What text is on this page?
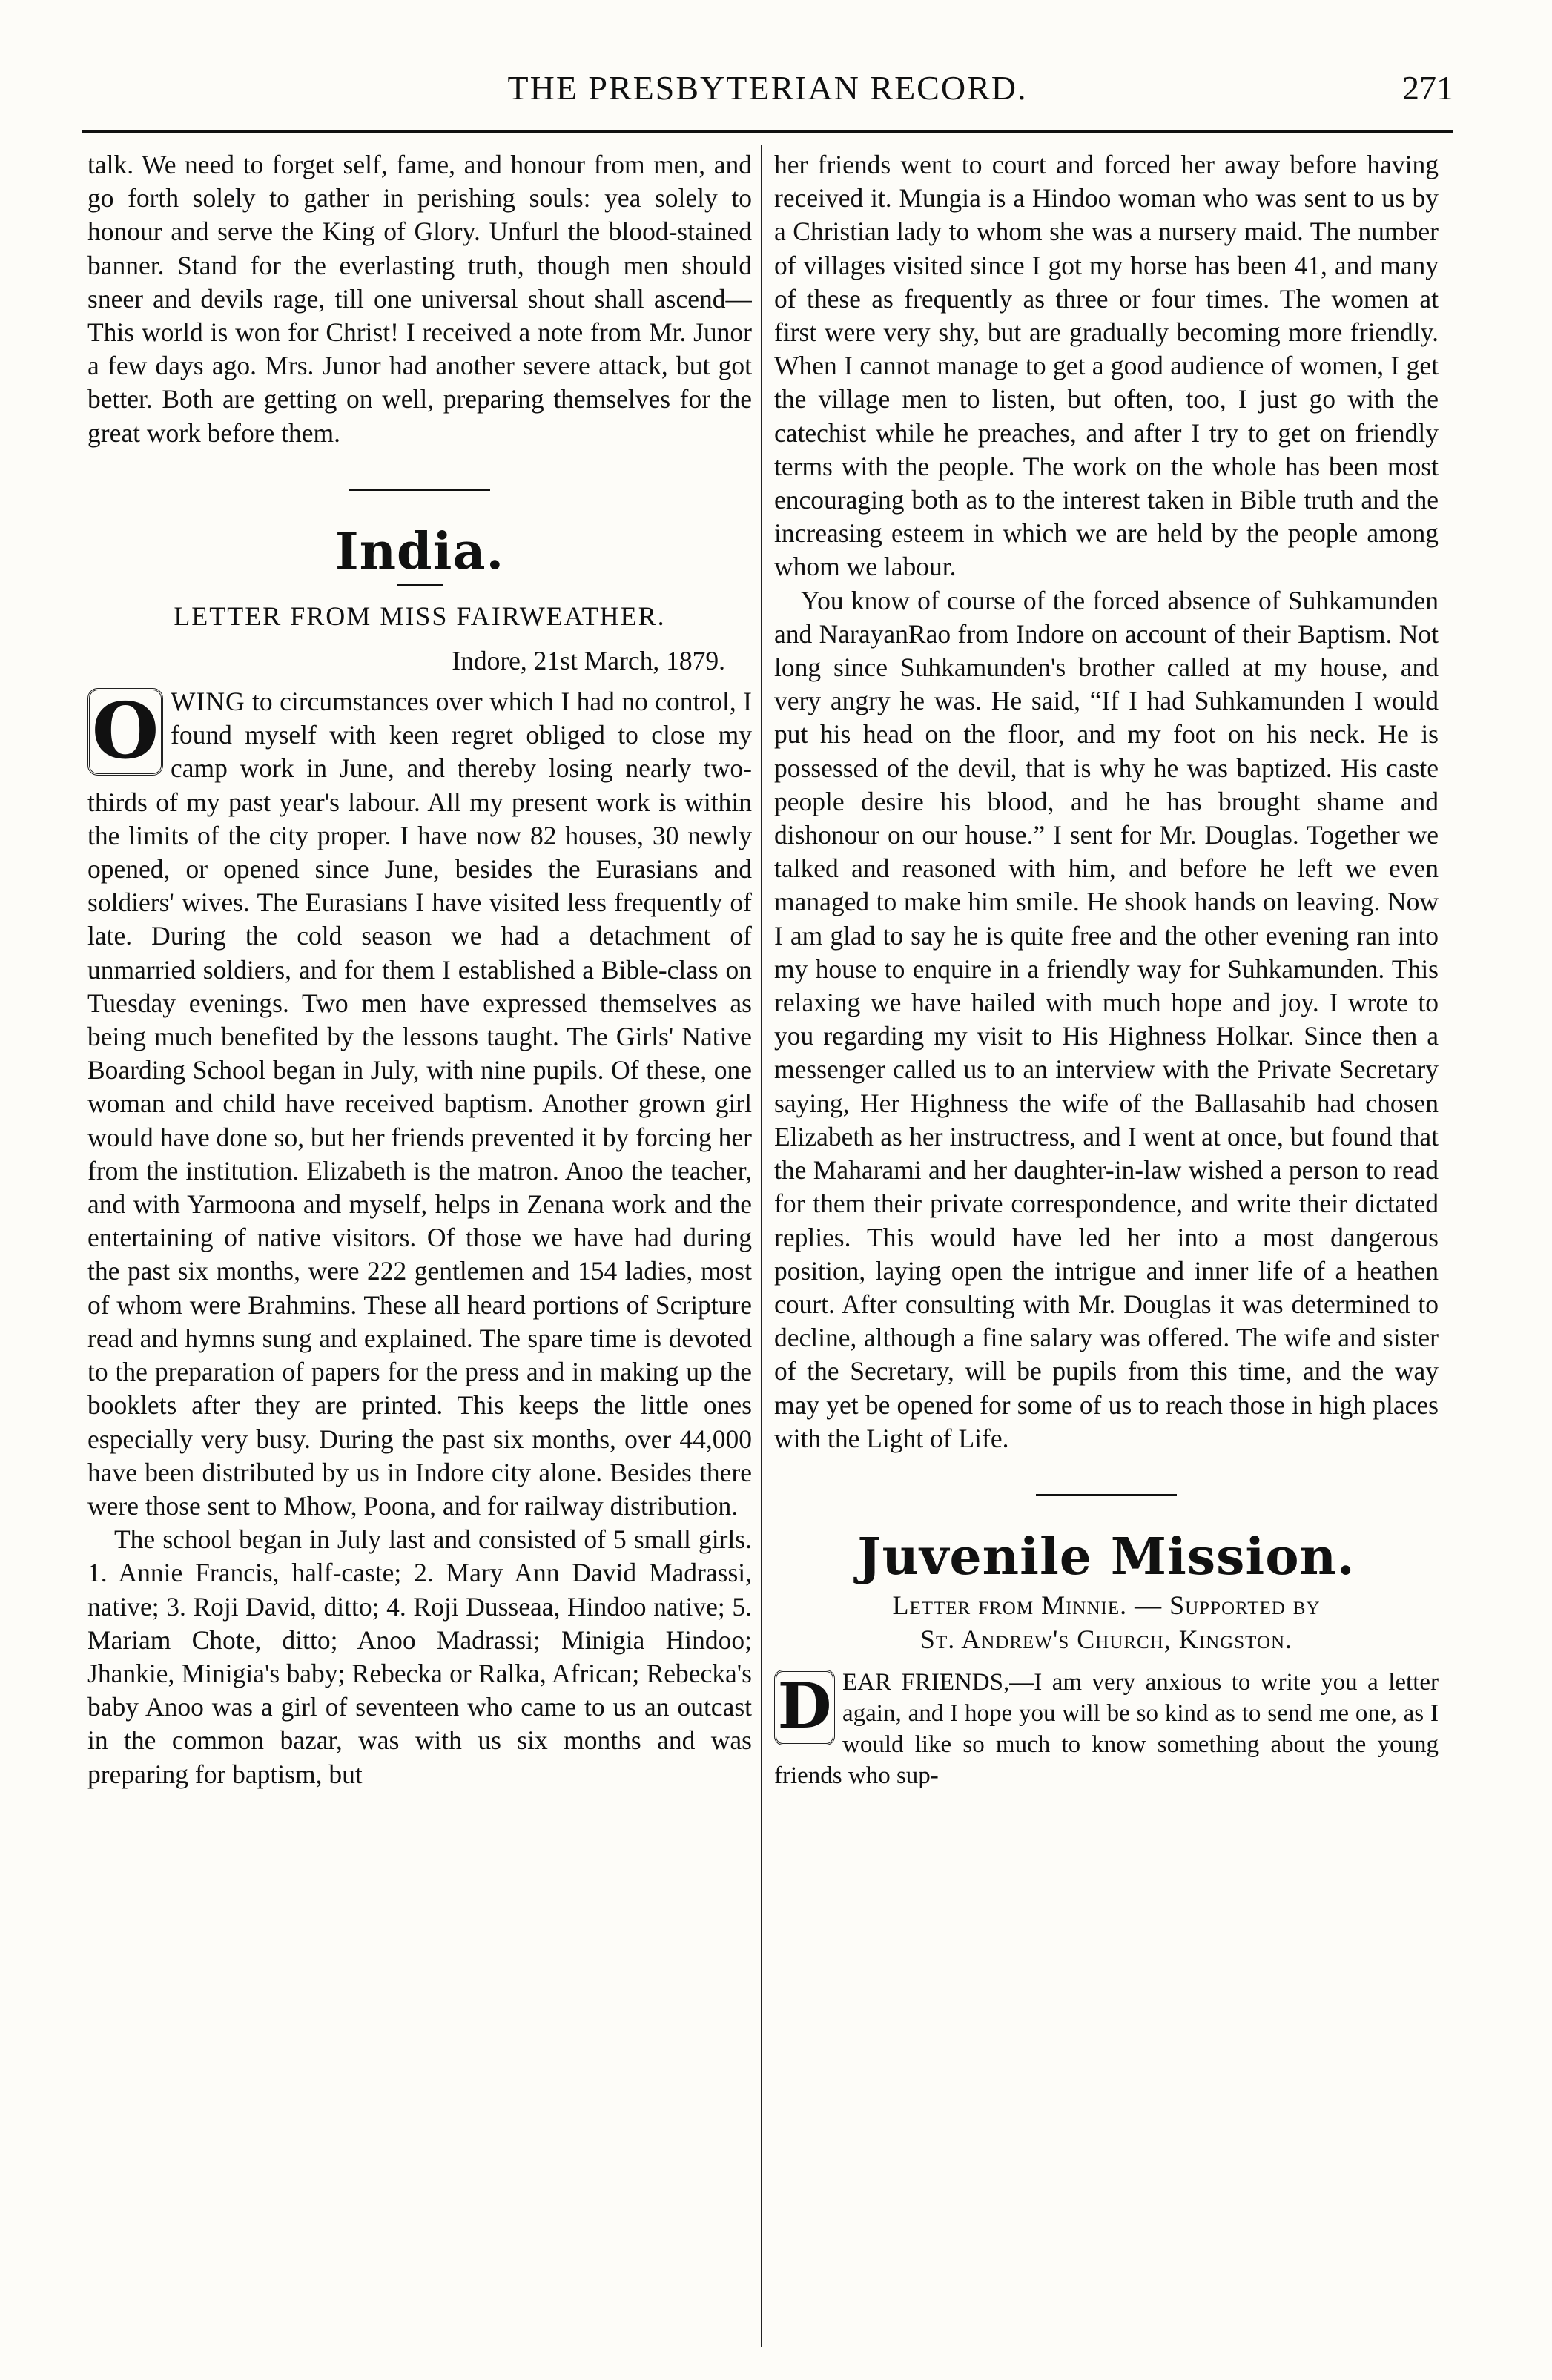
THE PRESBYTERIAN RECORD.	271

talk. We need to forget self, fame, and honour from men, and go forth solely to gather in perishing souls: yea solely to honour and serve the King of Glory. Unfurl the blood-stained banner. Stand for the everlasting truth, though men should sneer and devils rage, till one universal shout shall ascend—This world is won for Christ! I received a note from Mr. Junor a few days ago. Mrs. Junor had another severe attack, but got better. Both are getting on well, preparing themselves for the great work before them.

India.
LETTER FROM MISS FAIRWEATHER.
Indore, 21st March, 1879.

O WING to circumstances over which I had no control, I found myself with keen regret obliged to close my camp work in June, and thereby losing nearly two-thirds of my past year's labour. All my present work is within the limits of the city proper. I have now 82 houses, 30 newly opened, or opened since June, besides the Eurasians and soldiers' wives. The Eurasians I have visited less frequently of late. During the cold season we had a detachment of unmarried soldiers, and for them I established a Bible-class on Tuesday evenings. Two men have expressed themselves as being much benefited by the lessons taught. The Girls' Native Boarding School began in July, with nine pupils. Of these, one woman and child have received baptism. Another grown girl would have done so, but her friends prevented it by forcing her from the institution. Elizabeth is the matron. Anoo the teacher, and with Yarmoona and myself, helps in Zenana work and the entertaining of native visitors. Of those we have had during the past six months, were 222 gentlemen and 154 ladies, most of whom were Brahmins. These all heard portions of Scripture read and hymns sung and explained. The spare time is devoted to the preparation of papers for the press and in making up the booklets after they are printed. This keeps the little ones especially very busy. During the past six months, over 44,000 have been distributed by us in Indore city alone. Besides there were those sent to Mhow, Poona, and for railway distribution.

The school began in July last and consisted of 5 small girls. 1. Annie Francis, half-caste; 2. Mary Ann David Madrassi, native; 3. Roji David, ditto; 4. Roji Dusseaa, Hindoo native; 5. Mariam Chote, ditto; Anoo Madrassi; Minigia Hindoo; Jhankie, Minigia's baby; Rebecka or Ralka, African; Rebecka's baby Anoo was a girl of seventeen who came to us an outcast in the common bazar, was with us six months and was preparing for baptism, but

her friends went to court and forced her away before having received it. Mungia is a Hindoo woman who was sent to us by a Christian lady to whom she was a nursery maid. The number of villages visited since I got my horse has been 41, and many of these as frequently as three or four times. The women at first were very shy, but are gradually becoming more friendly. When I cannot manage to get a good audience of women, I get the village men to listen, but often, too, I just go with the catechist while he preaches, and after I try to get on friendly terms with the people. The work on the whole has been most encouraging both as to the interest taken in Bible truth and the increasing esteem in which we are held by the people among whom we labour.

You know of course of the forced absence of Suhkamunden and NarayanRao from Indore on account of their Baptism. Not long since Suhkamunden's brother called at my house, and very angry he was. He said, “If I had Suhkamunden I would put his head on the floor, and my foot on his neck. He is possessed of the devil, that is why he was baptized. His caste people desire his blood, and he has brought shame and dishonour on our house.” I sent for Mr. Douglas. Together we talked and reasoned with him, and before he left we even managed to make him smile. He shook hands on leaving. Now I am glad to say he is quite free and the other evening ran into my house to enquire in a friendly way for Suhkamunden. This relaxing we have hailed with much hope and joy. I wrote to you regarding my visit to His Highness Holkar. Since then a messenger called us to an interview with the Private Secretary saying, Her Highness the wife of the Ballasahib had chosen Elizabeth as her instructress, and I went at once, but found that the Maharami and her daughter-in-law wished a person to read for them their private correspondence, and write their dictated replies. This would have led her into a most dangerous position, laying open the intrigue and inner life of a heathen court. After consulting with Mr. Douglas it was determined to decline, although a fine salary was offered. The wife and sister of the Secretary, will be pupils from this time, and the way may yet be opened for some of us to reach those in high places with the Light of Life.

Juvenile Mission.
Letter from Minnie. — Supported by
St. Andrew's Church, Kingston.

D EAR FRIENDS,—I am very anxious to write you a letter again, and I hope you will be so kind as to send me one, as I would like so much to know something about the young friends who sup-
